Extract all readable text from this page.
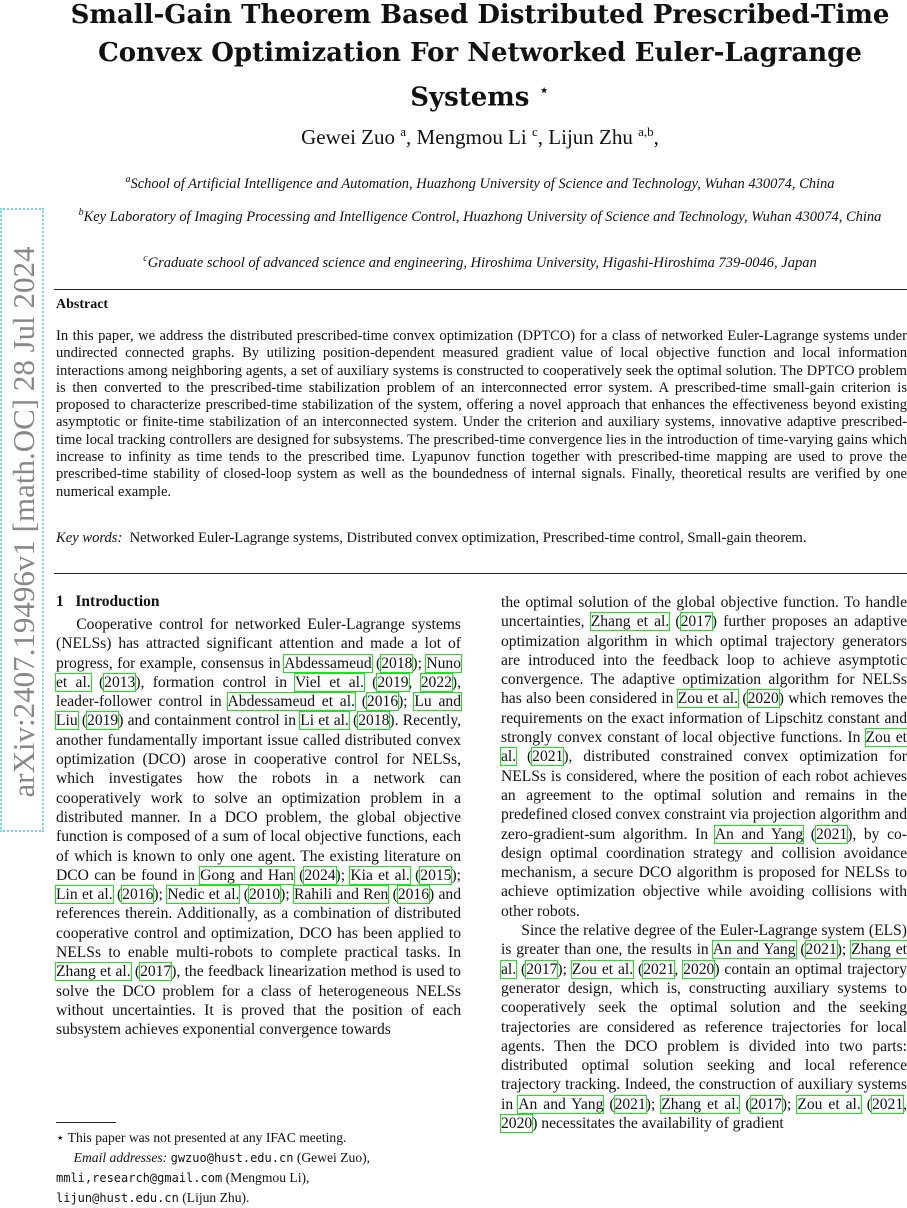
Small-Gain Theorem Based Distributed Prescribed-Time Convex Optimization For Networked Euler-Lagrange Systems ⋆
Gewei Zuo $^a$, Mengmou Li $^c$, Lijun Zhu $^{a,b}$,
$^a$School of Artificial Intelligence and Automation, Huazhong University of Science and Technology, Wuhan 430074, China
$^b$Key Laboratory of Imaging Processing and Intelligence Control, Huazhong University of Science and Technology, Wuhan 430074, China
$^c$Graduate school of advanced science and engineering, Hiroshima University, Higashi-Hiroshima 739-0046, Japan
arXiv:2407.19496v1 [math.OC] 28 Jul 2024 Abstract

In this paper, we address the distributed prescribed-time convex optimization (DPTCO) for a class of networked Euler-Lagrange systems under undirected connected graphs. By utilizing position-dependent measured gradient value of local objective function and local information interactions among neighboring agents, a set of auxiliary systems is constructed to cooperatively seek the optimal solution. The DPTCO problem is then converted to the prescribed-time stabilization problem of an interconnected error system. A prescribed-time small-gain criterion is proposed to characterize prescribed-time stabilization of the system, offering a novel approach that enhances the effectiveness beyond existing asymptotic or finite-time stabilization of an interconnected system. Under the criterion and auxiliary systems, innovative adaptive prescribed-time local tracking controllers are designed for subsystems. The prescribed-time convergence lies in the introduction of time-varying gains which increase to infinity as time tends to the prescribed time. Lyapunov function together with prescribed-time mapping are used to prove the prescribed-time stability of closed-loop system as well as the boundedness of internal signals. Finally, theoretical results are verified by one numerical example.

Key words: Networked Euler-Lagrange systems, Distributed convex optimization, Prescribed-time control, Small-gain theorem.

1 Introduction

Cooperative control for networked Euler-Lagrange systems (NELSs) has attracted significant attention and made a lot of progress, for example, consensus in Abdessameud (2018); Nuno et al. (2013), formation control in Viel et al. (2019, 2022), leader-follower control in Abdessameud et al. (2016); Lu and Liu (2019) and containment control in Li et al. (2018). Recently, another fundamentally important issue called distributed convex optimization (DCO) arose in cooperative control for NELSs, which investigates how the robots in a network can cooperatively work to solve an optimization problem in a distributed manner. In a DCO problem, the global objective function is composed of a sum of local objective functions, each of which is known to only one agent. The existing literature on DCO can be found in Gong and Han (2024); Kia et al. (2015); Lin et al. (2016); Nedic et al. (2010); Rahili and Ren (2016) and references therein. Additionally, as a combination of distributed cooperative control and optimization, DCO has been applied to NELSs to enable multi-robots to complete practical tasks. In Zhang et al. (2017), the feedback linearization method is used to solve the DCO problem for a class of heterogeneous NELSs without uncertainties. It is proved that the position of each subsystem achieves exponential convergence towards

the optimal solution of the global objective function. To handle uncertainties, Zhang et al. (2017) further proposes an adaptive optimization algorithm in which optimal trajectory generators are introduced into the feedback loop to achieve asymptotic convergence. The adaptive optimization algorithm for NELSs has also been considered in Zou et al. (2020) which removes the requirements on the exact information of Lipschitz constant and strongly convex constant of local objective functions. In Zou et al. (2021), distributed constrained convex optimization for NELSs is considered, where the position of each robot achieves an agreement to the optimal solution and remains in the predefined closed convex constraint via projection algorithm and zero-gradient-sum algorithm. In An and Yang (2021), by co-design optimal coordination strategy and collision avoidance mechanism, a secure DCO algorithm is proposed for NELSs to achieve optimization objective while avoiding collisions with other robots.

Since the relative degree of the Euler-Lagrange system (ELS) is greater than one, the results in An and Yang (2021); Zhang et al. (2017); Zou et al. (2021, 2020) contain an optimal trajectory generator design, which is, constructing auxiliary systems to cooperatively seek the optimal solution and the seeking trajectories are considered as reference trajectories for local agents. Then the DCO problem is divided into two parts: distributed optimal solution seeking and local reference trajectory tracking. Indeed, the construction of auxiliary systems in An and Yang (2021); Zhang et al. (2017); Zou et al. (2021, 2020) necessitates the availability of gradient

⋆ This paper was not presented at any IFAC meeting.
Email addresses: gwzuo@hust.edu.cn (Gewei Zuo),
mmli,research@gmail.com (Mengmou Li),
lijun@hust.edu.cn (Lijun Zhu).
